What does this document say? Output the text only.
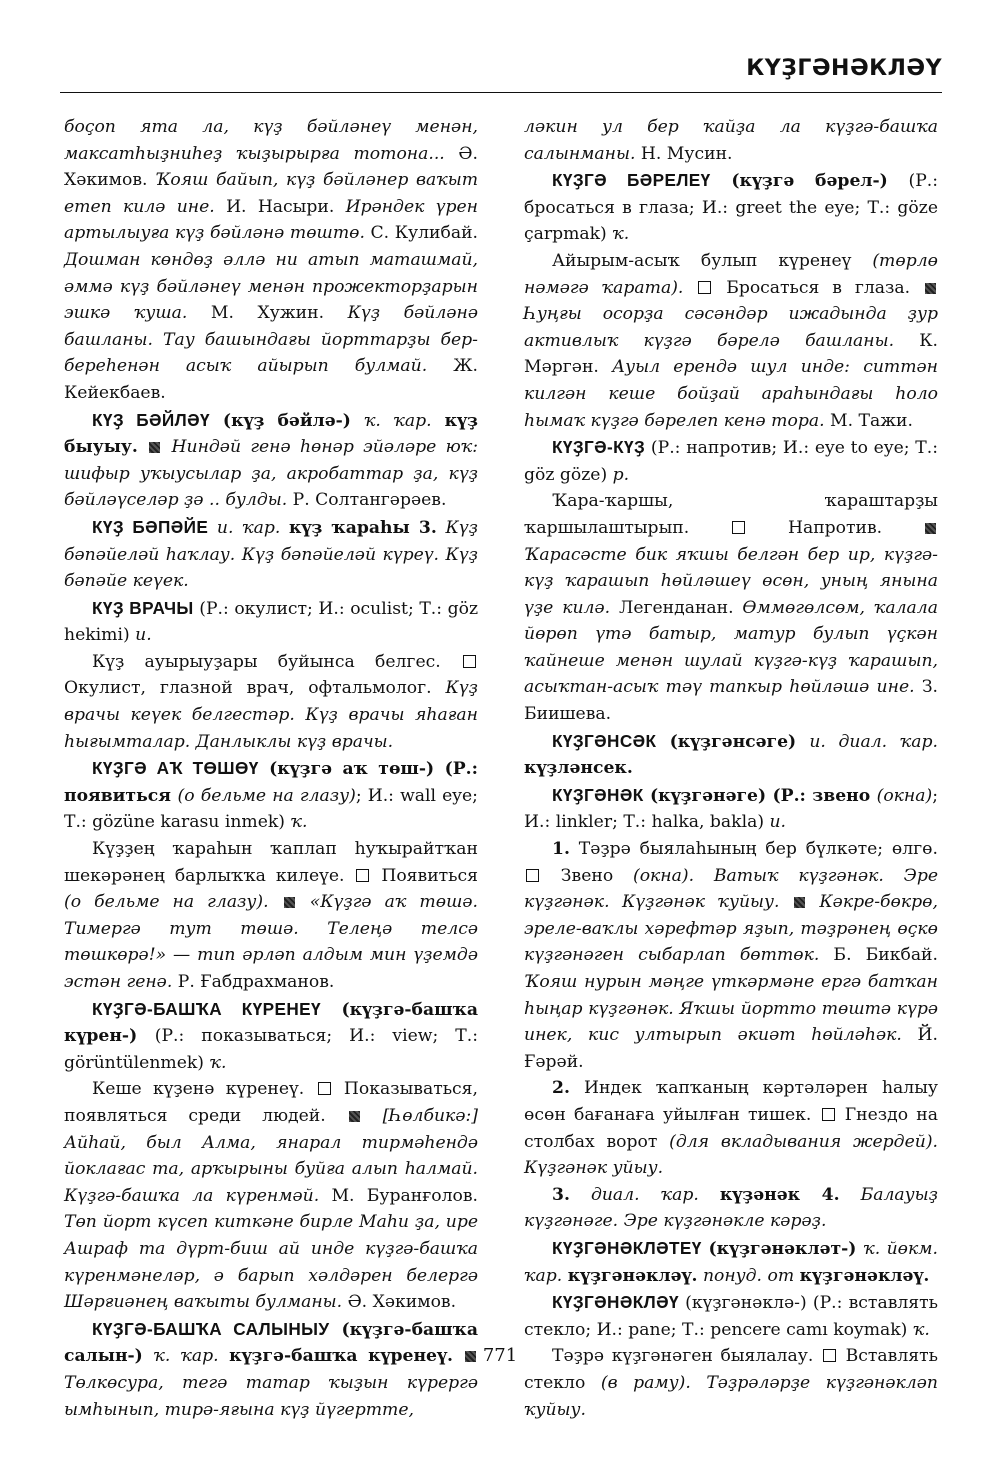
КҮҘГӘНӘКЛӘҮ

боҫоп ята ла, күҙ бәйләнеү менән, максатһыҙниһеҙ ҡыҙырырға тотона... Ә. Хәкимов. Ҡояш байып, күҙ бәйләнер ваҡыт етеп килә ине. И. Насыри. Ирәндек үрен артылыуға күҙ бәйләнә төштө. С. Кулибай. Дошман көндөҙ әллә ни атып маташмай, әммә күҙ бәйләнеү менән прожекторҙарын эшкә ҡуша. М. Хужин. Күҙ бәйләнә башланы. Тау башындағы йорттарҙы бер-береһенән асыҡ айырып булмай. Ж. Кейекбаев.

КҮҘ БӘЙЛӘҮ (күҙ бәйлә-) ҡ. ҡар. күҙ быуыу. Ниндәй генә һөнәр эйәләре юҡ: шифыр уҡыусылар ҙа, акробаттар ҙа, күҙ бәйләүселәр ҙә .. булды. Р. Солтангәрәев.

КҮҘ БӘПӘЙЕ и. ҡар. күҙ ҡараһы 3. Күҙ бәпәйеләй һаҡлау. Күҙ бәпәйеләй күреү. Күҙ бәпәйе кеүек.

КҮҘ ВРАЧЫ (Р.: окулист; И.: oculist; Т.: göz hekimi) и.

Күҙ ауырыуҙары буйынса белгес.  Окулист, глазной врач, офтальмолог. Күҙ врачы кеүек белгестәр. Күҙ врачы яһаған һығымталар. Данлыклы күҙ врачы.

КҮҘГӘ АҠ ТӨШӨҮ (күҙгә аҡ төш-) (Р.: появиться (о бельме на глазу); И.: wall eye; Т.: gözüne karasu inmek) ҡ.

Күҙҙең ҡараһын ҡаплап һуҡырайтҡан шекәрәнең барлыҡҡа килеүе.  Появиться (о бельме на глазу). «Күҙгә аҡ төшә. Тимергә тут төшә. Телеңә телсә төшкөрә!» — тип әрләп алдым мин үҙемдә эстән генә. Р. Ғабдрахманов.

КҮҘГӘ-БАШҠА КҮРЕНЕҮ (күҙгә-башҡа күрен-) (Р.: показываться; И.: view; Т.: görüntülenmek) ҡ.

Кеше күҙенә күренеү.  Показываться, появляться среди людей.  [Һөлбикә:] Айһай, был Алма, янарал тирмәһендә йоклағас та, арҡырыны буйға алып һалмай. Күҙгә-башҡа ла күренмәй. М. Буранғолов. Төп йорт күсеп киткәне бирле Маһи ҙа, ире Ашраф та дүрт-биш ай инде күҙгә-башҡа күренмәнеләр, ә барып хәлдәрен белергә Шәрғиәнең ваҡыты булманы. Ә. Хәкимов.

КҮҘГӘ-БАШҠА САЛЫНЫУ (күҙгә-башҡа салын-) ҡ. ҡар. күҙгә-башҡа күренеү.  Төлкөсура, тегә татар ҡыҙын күрергә ымһынып, тирә-яғына күҙ йүгертте,

ләкин ул бер ҡайҙа ла күҙгә-башҡа салынманы. Н. Мусин.

КҮҘГӘ БӘРЕЛЕҮ (күҙгә бәрел-) (Р.: бросаться в глаза; И.: greet the eye; Т.: göze çarpmak) ҡ.

Айырым-асыҡ булып күренеү (төрлө нәмәгә ҡарата).  Бросаться в глаза.  Һуңғы осорҙа сәсәндәр ижадында ҙур активлыҡ күҙгә бәрелә башланы. К. Мәргән. Ауыл ерендә шул инде: ситтән килгән кеше бойҙай араһындағы һоло һымаҡ күҙгә бәрелеп кенә тора. М. Тажи.

КҮҘГӘ-КҮҘ (Р.: напротив; И.: eye to eye; Т.: göz göze) р.

Ҡара-ҡаршы, ҡараштарҙы ҡаршылаштырып.	Напротив.  Ҡарасәсте бик яҡшы белгән бер ир, күҙгә-күҙ ҡарашып һөйләшеү өсөн, уның янына үҙе килә. Легенданан. Өммөгөлсөм, ҡалала йөрөп үтә батыр, матур булып үҫкән ҡайнеше менән шулай күҙгә-күҙ ҡарашып, асыҡтан-асыҡ тәү тапкыр һөйләшә ине. З. Биишева.

КҮҘГӘНСӘК (күҙгәнсәге) и. диал. ҡар. күҙләнсек.

КҮҘГӘНӘК (күҙгәнәге) (Р.: звено (окна); И.: linkler; Т.: halka, bakla) и.

1. Тәҙрә быялаһының бер бүлкәте; өлгө.  Звено (окна). Ватыҡ күҙгәнәк. Эре күҙгәнәк. Күҙгәнәк ҡуйыу. Кәкре-бөкрө, эреле-ваҡлы хәрефтәр яҙып, тәҙрәнең өҫкө күҙгәнәген сыбарлап бөттөк. Б. Бикбай. Ҡояш нурын мәңге үткәрмәне ергә батҡан һыңар күҙгәнәк. Яҡшы йортто төштә күрә инек, кис ултырып әкиәт һөйләһәк. Й. Ғәрәй.

2. Индек ҡапҡаның кәртәләрен һалыу өсөн бағанаға уйылған тишек.  Гнездо на столбах ворот (для вкладывания жердей). Күҙгәнәк уйыу.

3. диал. ҡар. күҙәнәк 4. Балауыҙ күҙгәнәге. Эре күҙгәнәкле кәрәҙ.

КҮҘГӘНӘКЛӘТЕҮ (күҙгәнәкләт-) ҡ. йөкм. ҡар. күҙгәнәкләү. понуд. от күҙгәнәкләү.

КҮҘГӘНӘКЛӘҮ (күҙгәнәклә-) (Р.: вставлять стекло; И.: pane; Т.: pencere camı koymak) ҡ.

Тәҙрә күҙгәнәген быялалау.  Вставлять стекло (в раму). Тәҙрәләрҙе күҙгәнәкләп ҡуйыу.

771
